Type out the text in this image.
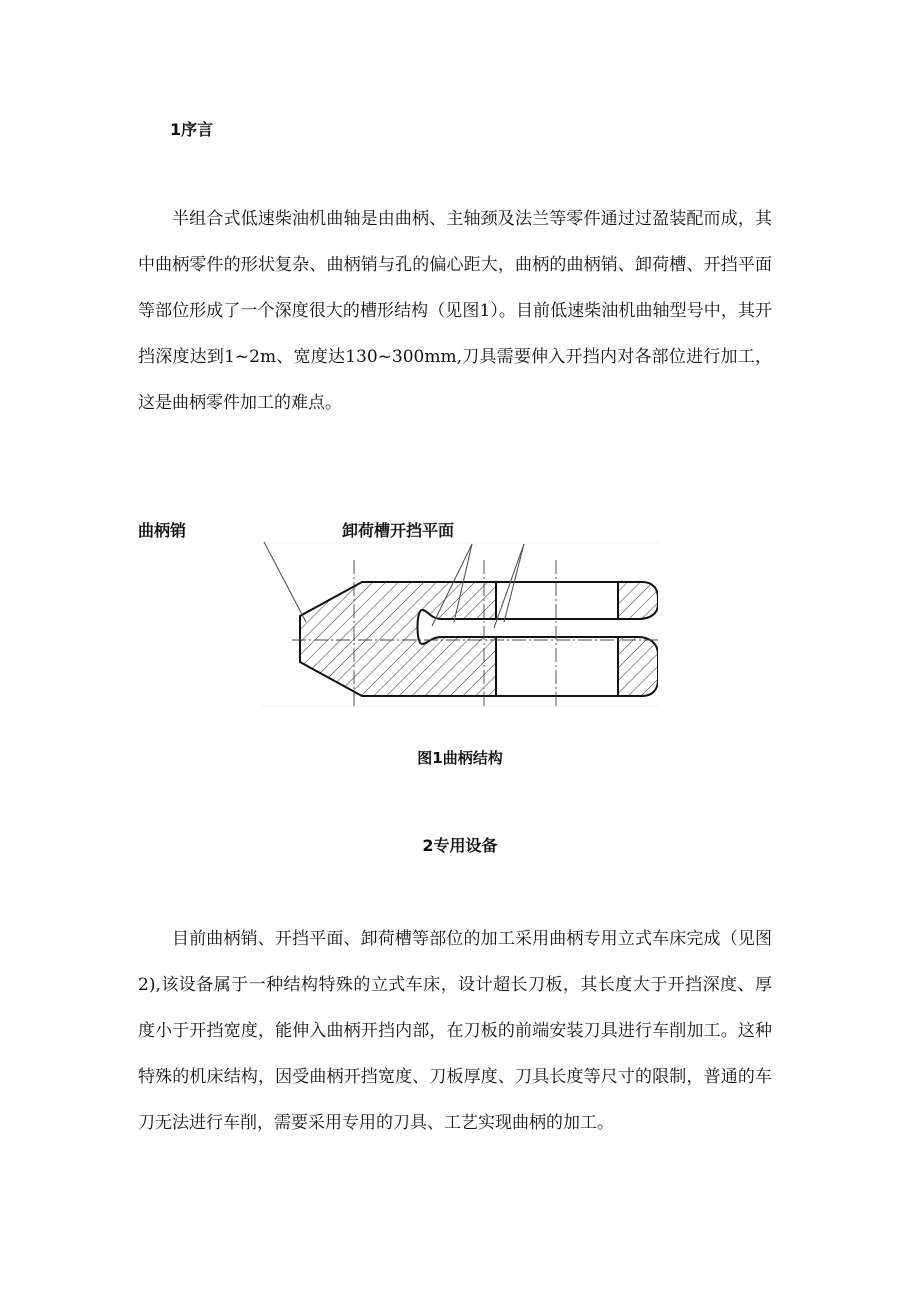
1序言
半组合式低速柴油机曲轴是由曲柄、主轴颈及法兰等零件通过过盈装配而成，其中曲柄零件的形状复杂、曲柄销与孔的偏心距大，曲柄的曲柄销、卸荷槽、开挡平面等部位形成了一个深度很大的槽形结构（见图1）。目前低速柴油机曲轴型号中，其开挡深度达到1~2m、宽度达130~300mm,刀具需要伸入开挡内对各部位进行加工，这是曲柄零件加工的难点。
曲柄销	卸荷槽开挡平面
图1曲柄结构
2专用设备
目前曲柄销、开挡平面、卸荷槽等部位的加工采用曲柄专用立式车床完成（见图2),该设备属于一种结构特殊的立式车床，设计超长刀板，其长度大于开挡深度、厚度小于开挡宽度，能伸入曲柄开挡内部，在刀板的前端安装刀具进行车削加工。这种特殊的机床结构，因受曲柄开挡宽度、刀板厚度、刀具长度等尺寸的限制，普通的车刀无法进行车削，需要采用专用的刀具、工艺实现曲柄的加工。
